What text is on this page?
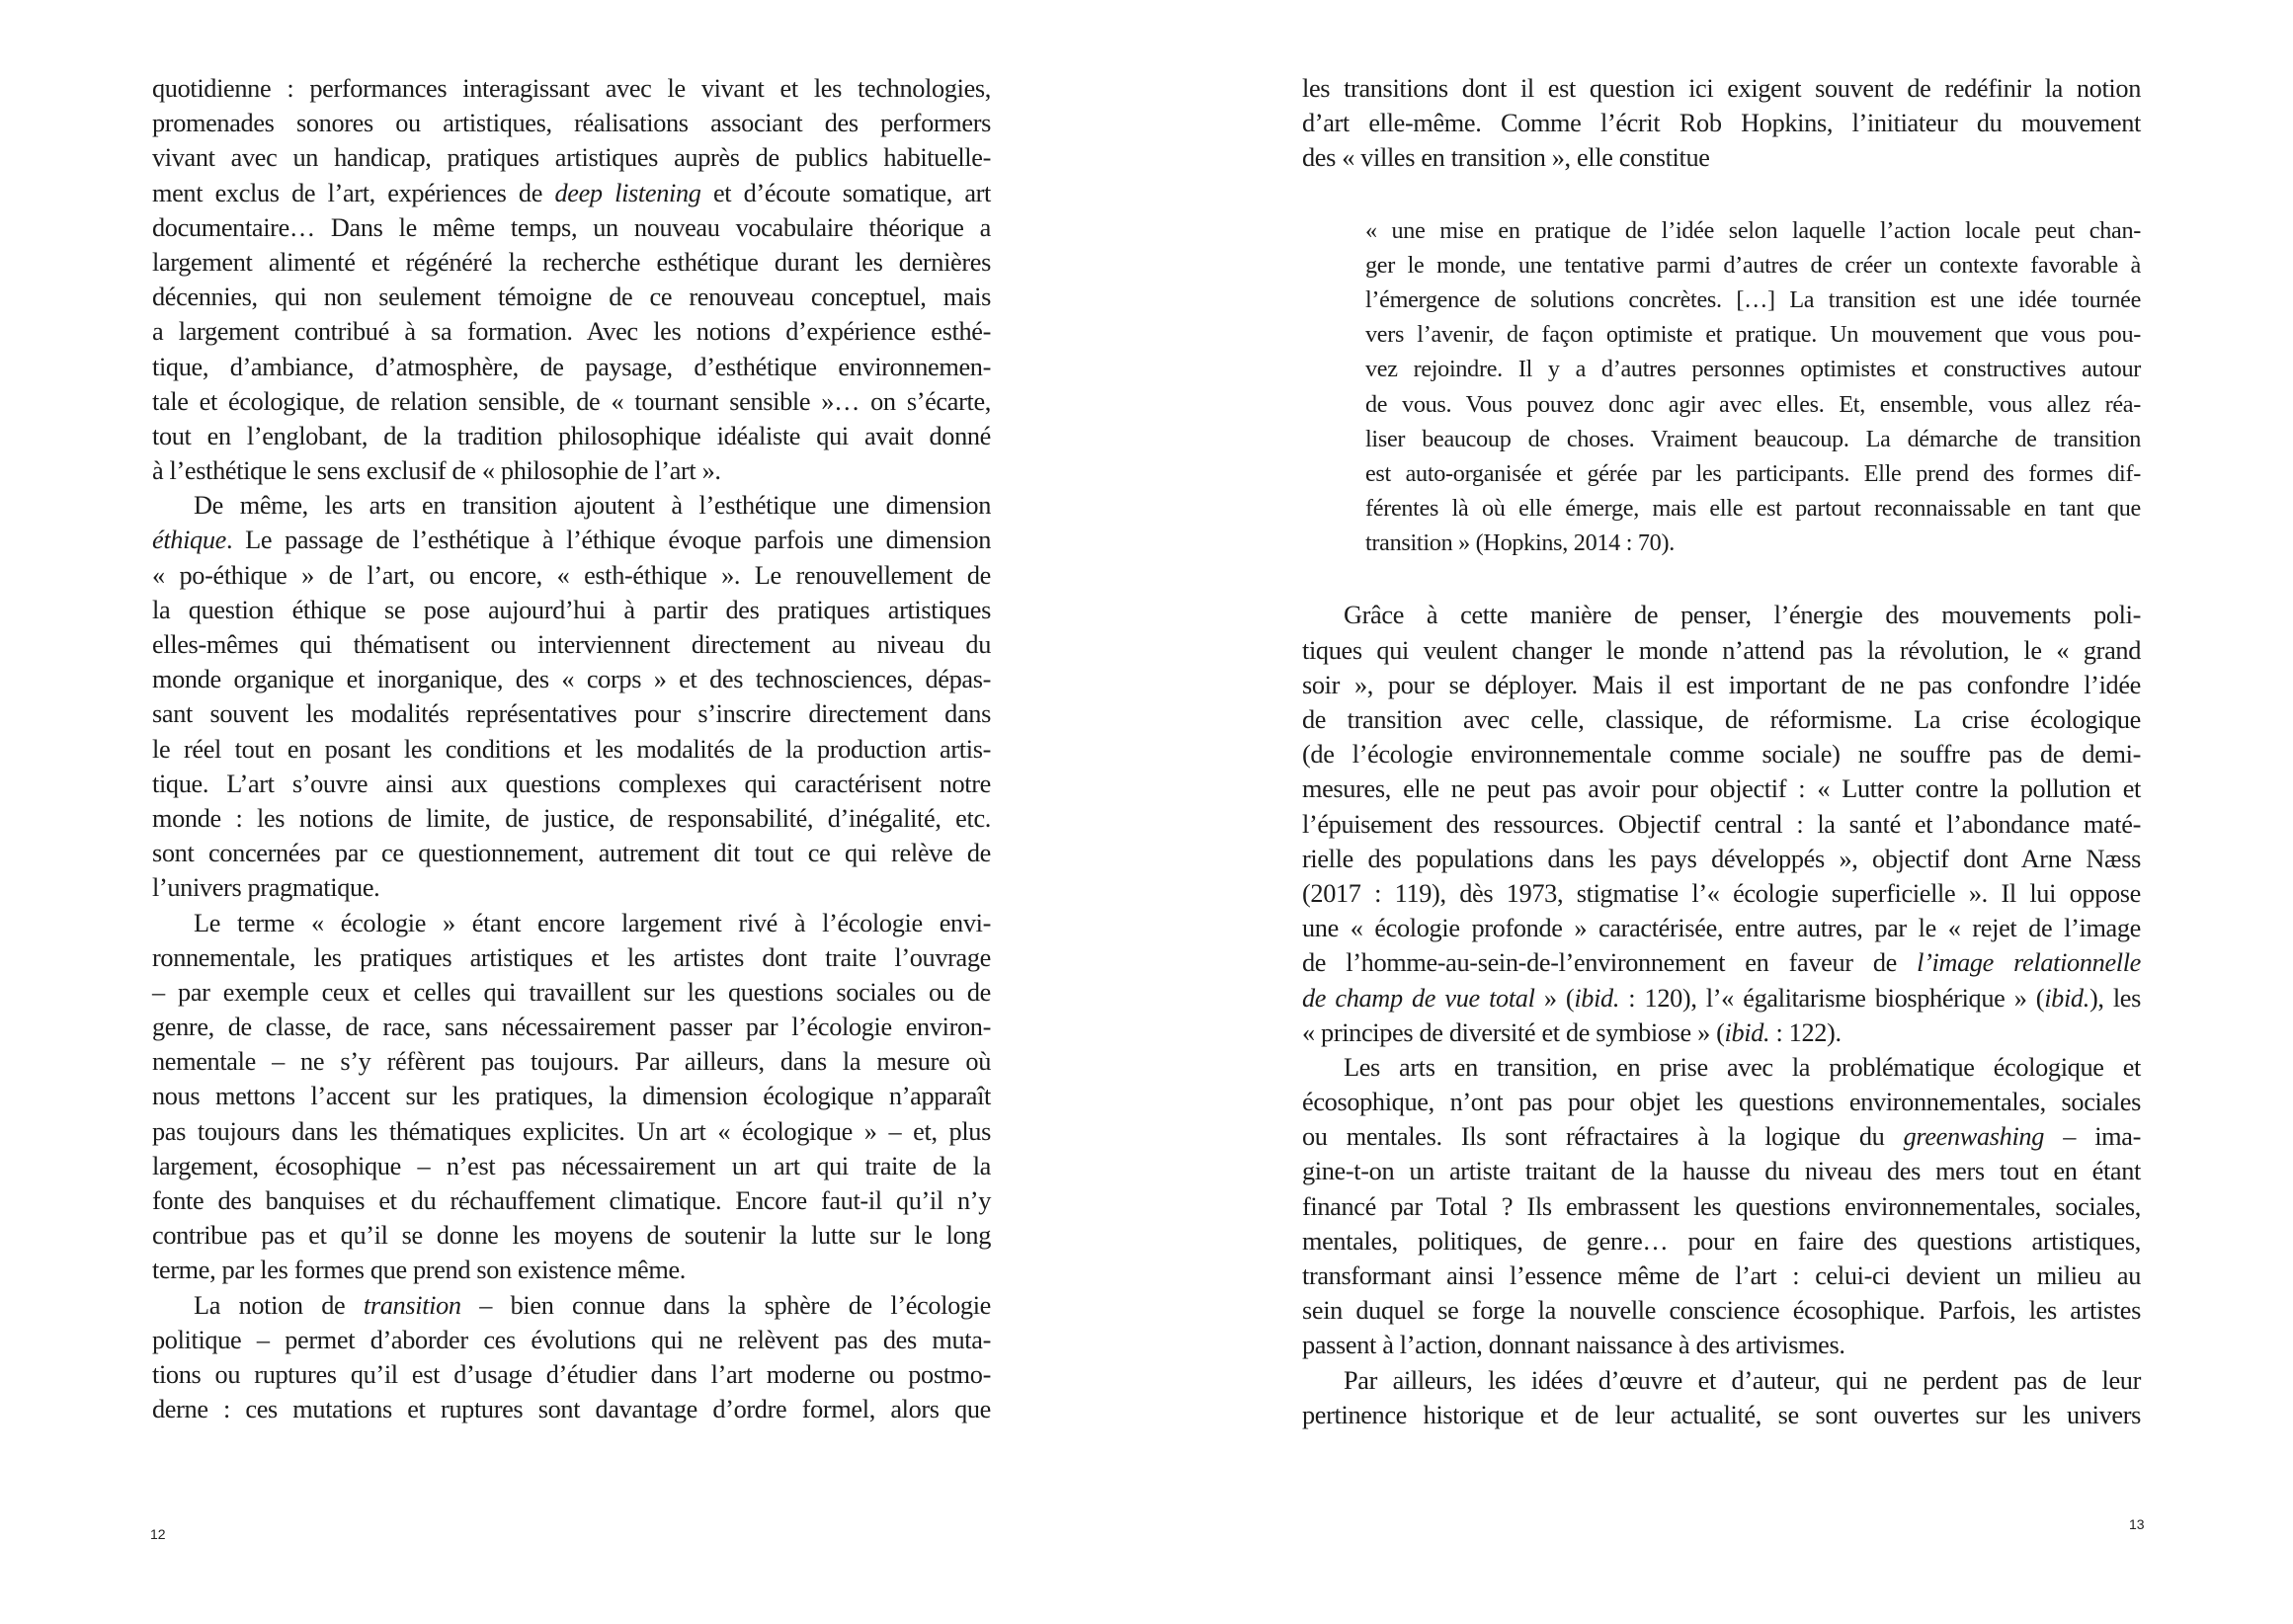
quotidienne : performances interagissant avec le vivant et les technologies,
promenades sonores ou artistiques, réalisations associant des performers
vivant avec un handicap, pratiques artistiques auprès de publics habituelle-
ment exclus de l’art, expériences de deep listening et d’écoute somatique, art
documentaire… Dans le même temps, un nouveau vocabulaire théorique a
largement alimenté et régénéré la recherche esthétique durant les dernières
décennies, qui non seulement témoigne de ce renouveau conceptuel, mais
a largement contribué à sa formation. Avec les notions d’expérience esthé-
tique, d’ambiance, d’atmosphère, de paysage, d’esthétique environnemen-
tale et écologique, de relation sensible, de « tournant sensible »… on s’écarte,
tout en l’englobant, de la tradition philosophique idéaliste qui avait donné
à l’esthétique le sens exclusif de « philosophie de l’art ».
De même, les arts en transition ajoutent à l’esthétique une dimension
éthique. Le passage de l’esthétique à l’éthique évoque parfois une dimension
« po-éthique » de l’art, ou encore, « esth-éthique ». Le renouvellement de
la question éthique se pose aujourd’hui à partir des pratiques artistiques
elles-mêmes qui thématisent ou interviennent directement au niveau du
monde organique et inorganique, des « corps » et des technosciences, dépas-
sant souvent les modalités représentatives pour s’inscrire directement dans
le réel tout en posant les conditions et les modalités de la production artis-
tique. L’art s’ouvre ainsi aux questions complexes qui caractérisent notre
monde : les notions de limite, de justice, de responsabilité, d’inégalité, etc.
sont concernées par ce questionnement, autrement dit tout ce qui relève de
l’univers pragmatique.
Le terme « écologie » étant encore largement rivé à l’écologie envi-
ronnementale, les pratiques artistiques et les artistes dont traite l’ouvrage
– par exemple ceux et celles qui travaillent sur les questions sociales ou de
genre, de classe, de race, sans nécessairement passer par l’écologie environ-
nementale – ne s’y réfèrent pas toujours. Par ailleurs, dans la mesure où
nous mettons l’accent sur les pratiques, la dimension écologique n’apparaît
pas toujours dans les thématiques explicites. Un art « écologique » – et, plus
largement, écosophique – n’est pas nécessairement un art qui traite de la
fonte des banquises et du réchauffement climatique. Encore faut-il qu’il n’y
contribue pas et qu’il se donne les moyens de soutenir la lutte sur le long
terme, par les formes que prend son existence même.
La notion de transition – bien connue dans la sphère de l’écologie
politique – permet d’aborder ces évolutions qui ne relèvent pas des muta-
tions ou ruptures qu’il est d’usage d’étudier dans l’art moderne ou postmo-
derne : ces mutations et ruptures sont davantage d’ordre formel, alors que
12
les transitions dont il est question ici exigent souvent de redéfinir la notion
d’art elle-même. Comme l’écrit Rob Hopkins, l’initiateur du mouvement
des « villes en transition », elle constitue
« une mise en pratique de l’idée selon laquelle l’action locale peut chan-
ger le monde, une tentative parmi d’autres de créer un contexte favorable à
l’émergence de solutions concrètes. […] La transition est une idée tournée
vers l’avenir, de façon optimiste et pratique. Un mouvement que vous pou-
vez rejoindre. Il y a d’autres personnes optimistes et constructives autour
de vous. Vous pouvez donc agir avec elles. Et, ensemble, vous allez réa-
liser beaucoup de choses. Vraiment beaucoup. La démarche de transition
est auto-organisée et gérée par les participants. Elle prend des formes dif-
férentes là où elle émerge, mais elle est partout reconnaissable en tant que
transition » (Hopkins, 2014 : 70).
Grâce à cette manière de penser, l’énergie des mouvements poli-
tiques qui veulent changer le monde n’attend pas la révolution, le « grand
soir », pour se déployer. Mais il est important de ne pas confondre l’idée
de transition avec celle, classique, de réformisme. La crise écologique
(de l’écologie environnementale comme sociale) ne souffre pas de demi-
mesures, elle ne peut pas avoir pour objectif : « Lutter contre la pollution et
l’épuisement des ressources. Objectif central : la santé et l’abondance maté-
rielle des populations dans les pays développés », objectif dont Arne Næss
(2017 : 119), dès 1973, stigmatise l’« écologie superficielle ». Il lui oppose
une « écologie profonde » caractérisée, entre autres, par le « rejet de l’image
de l’homme-au-sein-de-l’environnement en faveur de l’image relationnelle
de champ de vue total » (ibid. : 120), l’« égalitarisme biosphérique » (ibid.), les
« principes de diversité et de symbiose » (ibid. : 122).
Les arts en transition, en prise avec la problématique écologique et
écosophique, n’ont pas pour objet les questions environnementales, sociales
ou mentales. Ils sont réfractaires à la logique du greenwashing – ima-
gine-t-on un artiste traitant de la hausse du niveau des mers tout en étant
financé par Total ? Ils embrassent les questions environnementales, sociales,
mentales, politiques, de genre… pour en faire des questions artistiques,
transformant ainsi l’essence même de l’art : celui-ci devient un milieu au
sein duquel se forge la nouvelle conscience écosophique. Parfois, les artistes
passent à l’action, donnant naissance à des artivismes.
Par ailleurs, les idées d’œuvre et d’auteur, qui ne perdent pas de leur
pertinence historique et de leur actualité, se sont ouvertes sur les univers
13
